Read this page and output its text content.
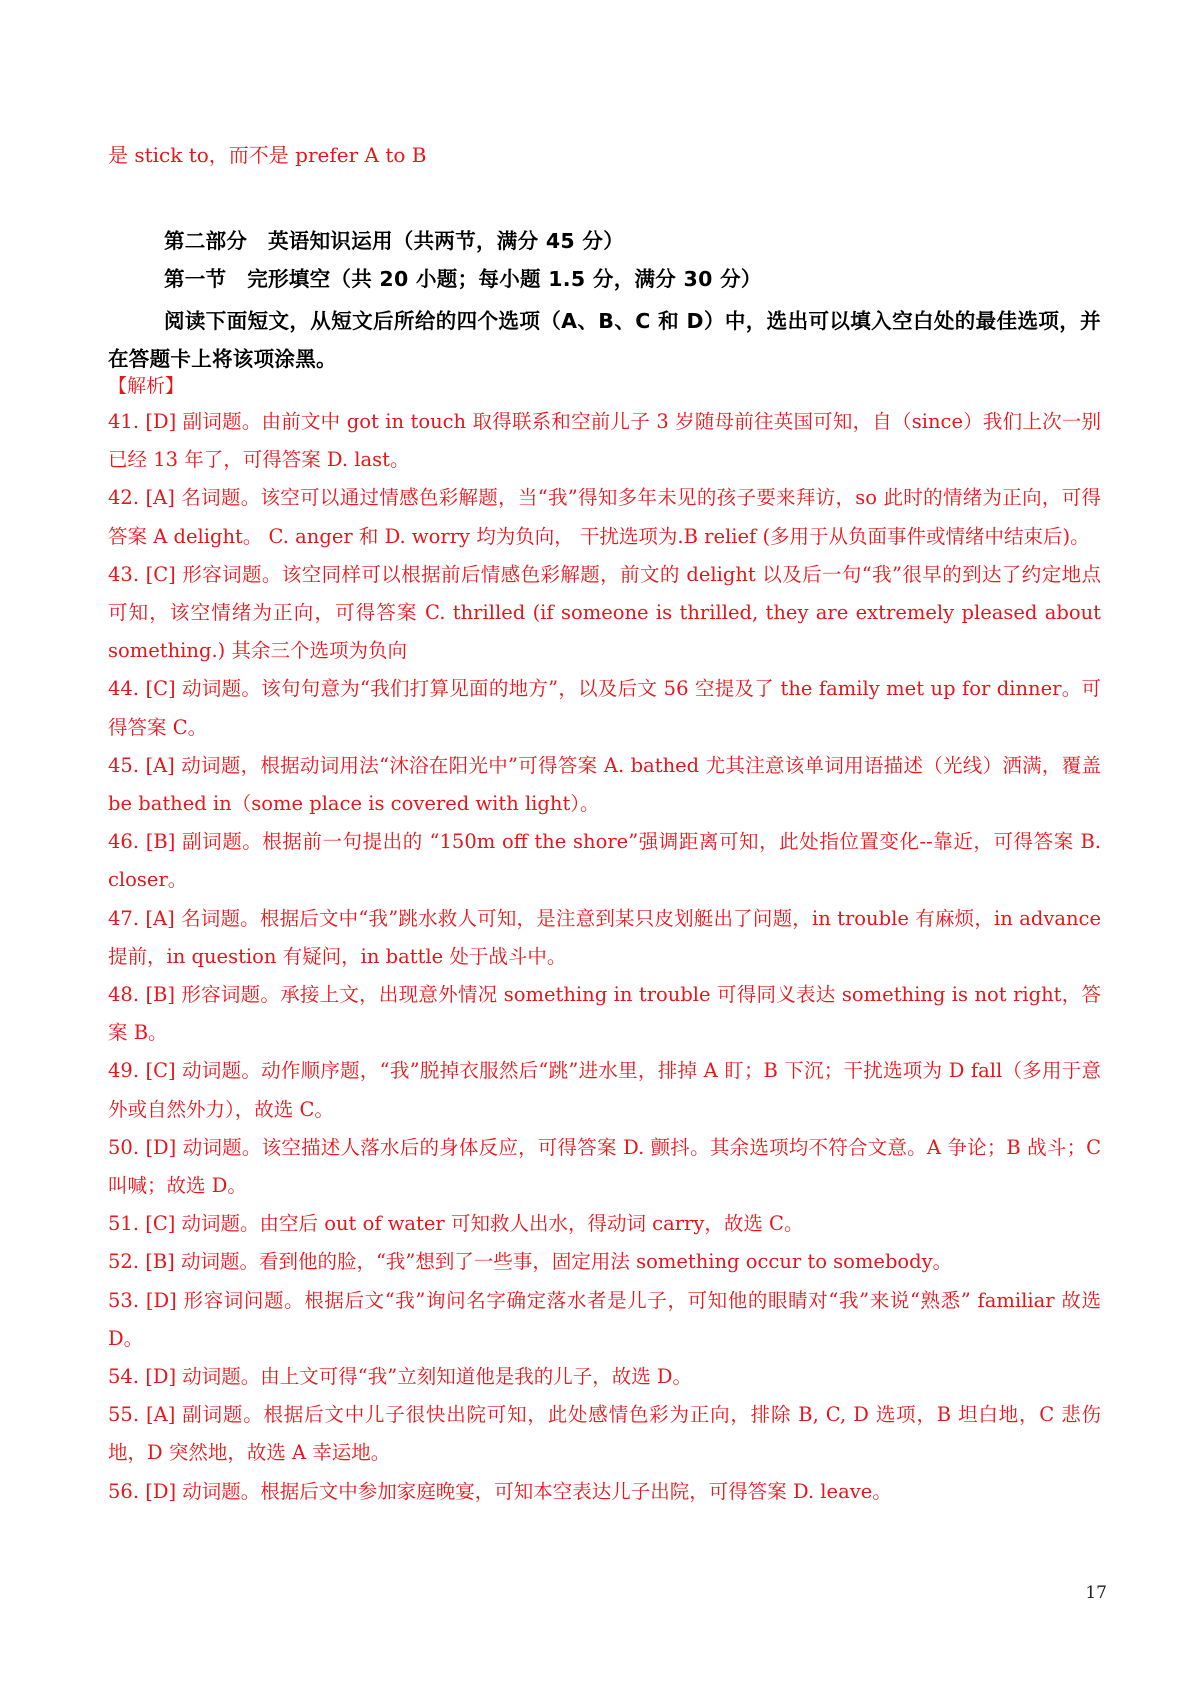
是 stick to，而不是 prefer A to B
第二部分　英语知识运用（共两节，满分 45 分）
第一节　完形填空（共 20 小题；每小题 1.5 分，满分 30 分）
阅读下面短文，从短文后所给的四个选项（A、B、C 和 D）中，选出可以填入空白处的最佳选项，并在答题卡上将该项涂黑。
【解析】

41. [D] 副词题。由前文中 got in touch 取得联系和空前儿子 3 岁随母前往英国可知，自（since）我们上次一别已经 13 年了，可得答案 D. last。

42. [A] 名词题。该空可以通过情感色彩解题，当“我”得知多年未见的孩子要来拜访，so 此时的情绪为正向，可得答案 A delight。 C. anger 和 D. worry 均为负向， 干扰选项为.B relief (多用于从负面事件或情绪中结束后)。

43. [C] 形容词题。该空同样可以根据前后情感色彩解题，前文的 delight 以及后一句“我”很早的到达了约定地点可知，该空情绪为正向，可得答案 C. thrilled (if someone is thrilled, they are extremely pleased about something.) 其余三个选项为负向

44. [C] 动词题。该句句意为“我们打算见面的地方”，以及后文 56 空提及了 the family met up for dinner。可得答案 C。

45. [A] 动词题，根据动词用法“沐浴在阳光中”可得答案 A. bathed 尤其注意该单词用语描述（光线）洒满，覆盖 be bathed in（some place is covered with light）。

46. [B] 副词题。根据前一句提出的 “150m off the shore”强调距离可知，此处指位置变化--靠近，可得答案 B. closer。

47. [A] 名词题。根据后文中“我”跳水救人可知，是注意到某只皮划艇出了问题，in trouble 有麻烦，in advance 提前，in question 有疑问，in battle 处于战斗中。

48. [B] 形容词题。承接上文，出现意外情况 something in trouble 可得同义表达 something is not right，答案 B。

49. [C] 动词题。动作顺序题，“我”脱掉衣服然后“跳”进水里，排掉 A 盯；B 下沉；干扰选项为 D fall（多用于意外或自然外力），故选 C。

50. [D] 动词题。该空描述人落水后的身体反应，可得答案 D. 颤抖。其余选项均不符合文意。A 争论；B 战斗；C 叫喊；故选 D。

51. [C] 动词题。由空后 out of water 可知救人出水，得动词 carry，故选 C。

52. [B] 动词题。看到他的脸，“我”想到了一些事，固定用法 something occur to somebody。

53. [D] 形容词问题。根据后文“我”询问名字确定落水者是儿子，可知他的眼睛对“我”来说“熟悉” familiar 故选 D。

54. [D] 动词题。由上文可得“我”立刻知道他是我的儿子，故选 D。

55. [A] 副词题。根据后文中儿子很快出院可知，此处感情色彩为正向，排除 B, C, D 选项，B 坦白地，C 悲伤地，D 突然地，故选 A 幸运地。

56. [D] 动词题。根据后文中参加家庭晚宴，可知本空表达儿子出院，可得答案 D. leave。

17
